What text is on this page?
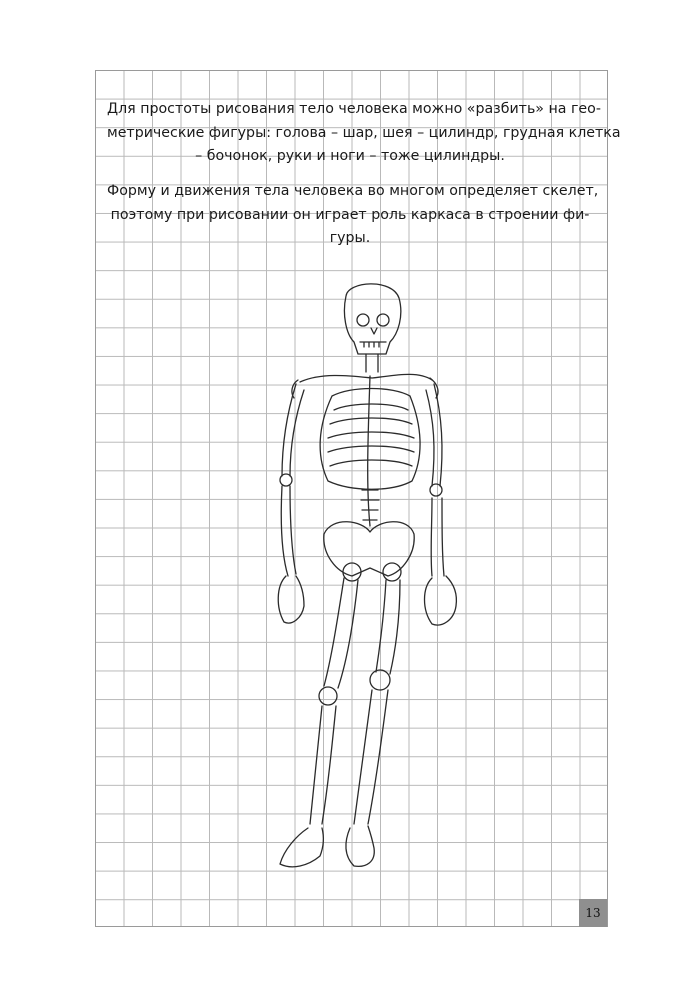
Для простоты рисования тело человека можно «разбить» на гео-
метрические фигуры: голова – шар, шея – цилиндр, грудная клетка
– бочонок, руки и ноги – тоже цилиндры.

Форму и движения тела человека во многом определяет скелет,
поэтому при рисовании он играет роль каркаса в строении фи-
гуры.

13
